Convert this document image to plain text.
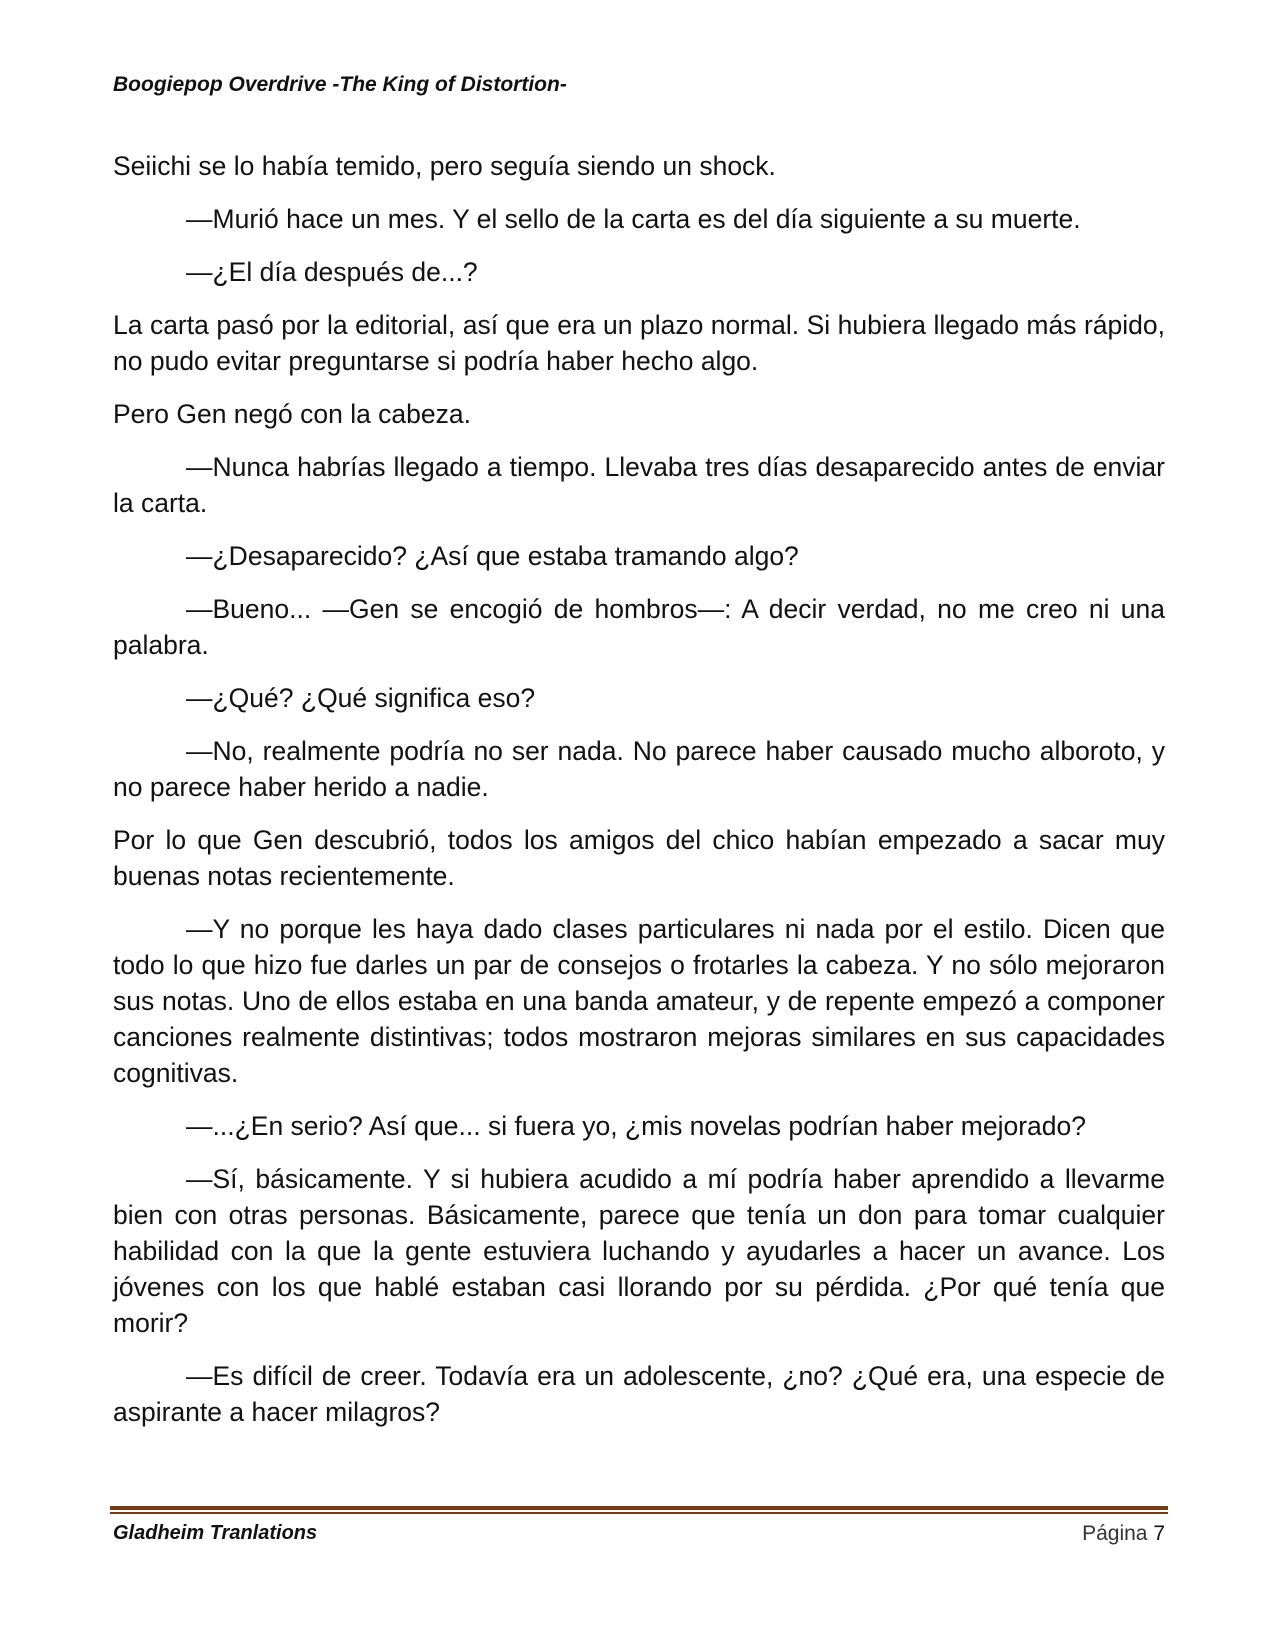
Boogiepop Overdrive -The King of Distortion-

Seiichi se lo había temido, pero seguía siendo un shock.

—Murió hace un mes. Y el sello de la carta es del día siguiente a su muerte.

—¿El día después de...?

La carta pasó por la editorial, así que era un plazo normal. Si hubiera llegado más rápido, no pudo evitar preguntarse si podría haber hecho algo.

Pero Gen negó con la cabeza.

—Nunca habrías llegado a tiempo. Llevaba tres días desaparecido antes de enviar la carta.

—¿Desaparecido? ¿Así que estaba tramando algo?

—Bueno... —Gen se encogió de hombros—: A decir verdad, no me creo ni una palabra.

—¿Qué? ¿Qué significa eso?

—No, realmente podría no ser nada. No parece haber causado mucho alboroto, y no parece haber herido a nadie.

Por lo que Gen descubrió, todos los amigos del chico habían empezado a sacar muy buenas notas recientemente.

—Y no porque les haya dado clases particulares ni nada por el estilo. Dicen que todo lo que hizo fue darles un par de consejos o frotarles la cabeza. Y no sólo mejoraron sus notas. Uno de ellos estaba en una banda amateur, y de repente empezó a componer canciones realmente distintivas; todos mostraron mejoras similares en sus capacidades cognitivas.

—...¿En serio? Así que... si fuera yo, ¿mis novelas podrían haber mejorado?

—Sí, básicamente. Y si hubiera acudido a mí podría haber aprendido a llevarme bien con otras personas. Básicamente, parece que tenía un don para tomar cualquier habilidad con la que la gente estuviera luchando y ayudarles a hacer un avance. Los jóvenes con los que hablé estaban casi llorando por su pérdida. ¿Por qué tenía que morir?

—Es difícil de creer. Todavía era un adolescente, ¿no? ¿Qué era, una especie de aspirante a hacer milagros?

Gladheim Tranlations	Página 7
